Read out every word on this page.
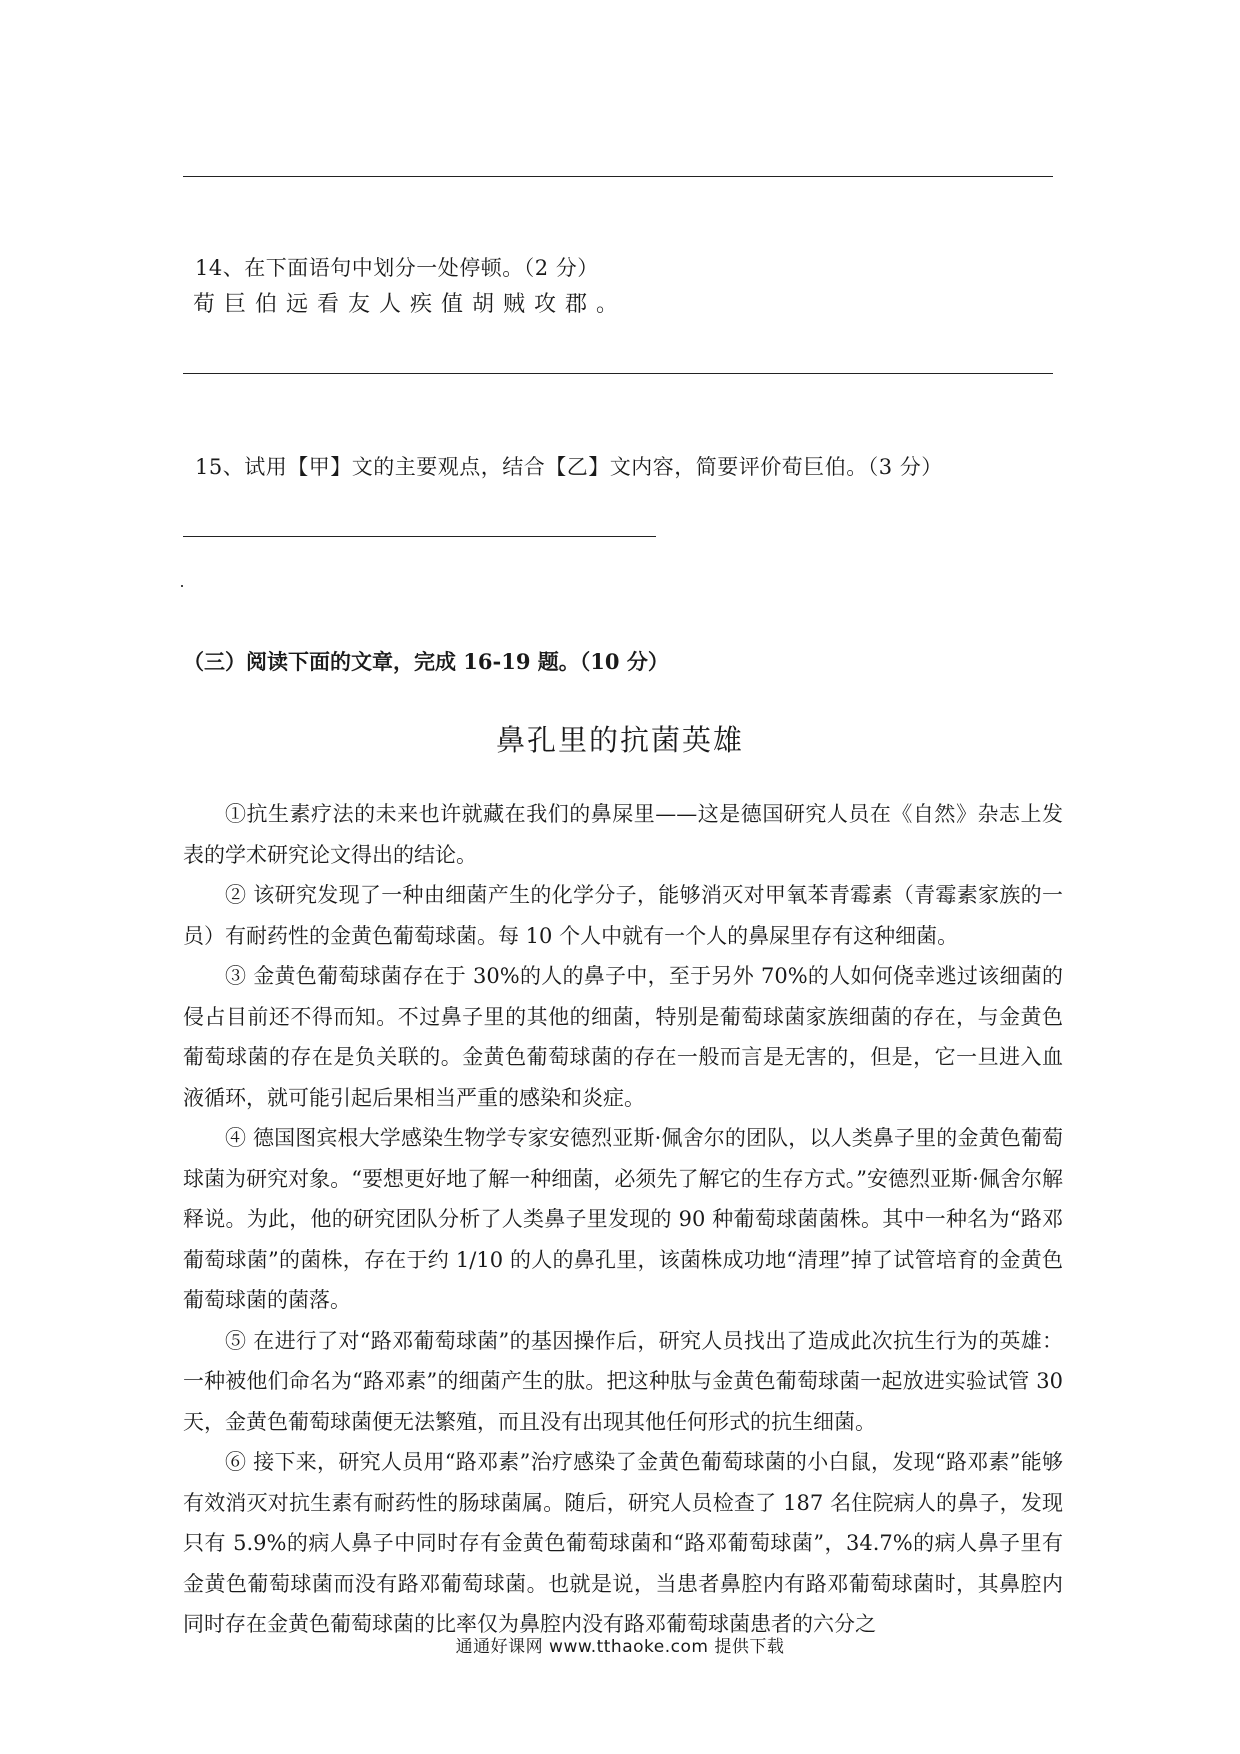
14、在下面语句中划分一处停顿。（2 分）
荀巨伯远看友人疾值胡贼攻郡。
15、试用【甲】文的主要观点，结合【乙】文内容，简要评价荀巨伯。（3 分）
（三）阅读下面的文章，完成 16-19 题。（10 分）
鼻孔里的抗菌英雄

①抗生素疗法的未来也许就藏在我们的鼻屎里——这是德国研究人员在《自然》杂志上发表的学术研究论文得出的结论。

② 该研究发现了一种由细菌产生的化学分子，能够消灭对甲氧苯青霉素（青霉素家族的一员）有耐药性的金黄色葡萄球菌。每 10 个人中就有一个人的鼻屎里存有这种细菌。

③ 金黄色葡萄球菌存在于 30%的人的鼻子中，至于另外 70%的人如何侥幸逃过该细菌的侵占目前还不得而知。不过鼻子里的其他的细菌，特别是葡萄球菌家族细菌的存在，与金黄色葡萄球菌的存在是负关联的。金黄色葡萄球菌的存在一般而言是无害的，但是，它一旦进入血液循环，就可能引起后果相当严重的感染和炎症。

④ 德国图宾根大学感染生物学专家安德烈亚斯·佩舍尔的团队，以人类鼻子里的金黄色葡萄球菌为研究对象。“要想更好地了解一种细菌，必须先了解它的生存方式。”安德烈亚斯·佩舍尔解释说。为此，他的研究团队分析了人类鼻子里发现的 90 种葡萄球菌菌株。其中一种名为“路邓葡萄球菌”的菌株，存在于约 1/10 的人的鼻孔里，该菌株成功地“清理”掉了试管培育的金黄色葡萄球菌的菌落。

⑤ 在进行了对“路邓葡萄球菌”的基因操作后，研究人员找出了造成此次抗生行为的英雄：一种被他们命名为“路邓素”的细菌产生的肽。把这种肽与金黄色葡萄球菌一起放进实验试管 30 天，金黄色葡萄球菌便无法繁殖，而且没有出现其他任何形式的抗生细菌。

⑥ 接下来，研究人员用“路邓素”治疗感染了金黄色葡萄球菌的小白鼠，发现“路邓素”能够有效消灭对抗生素有耐药性的肠球菌属。随后，研究人员检查了 187 名住院病人的鼻子，发现只有 5.9%的病人鼻子中同时存有金黄色葡萄球菌和“路邓葡萄球菌”，34.7%的病人鼻子里有金黄色葡萄球菌而没有路邓葡萄球菌。也就是说，当患者鼻腔内有路邓葡萄球菌时，其鼻腔内同时存在金黄色葡萄球菌的比率仅为鼻腔内没有路邓葡萄球菌患者的六分之

通通好课网 www.tthaoke.com 提供下载
